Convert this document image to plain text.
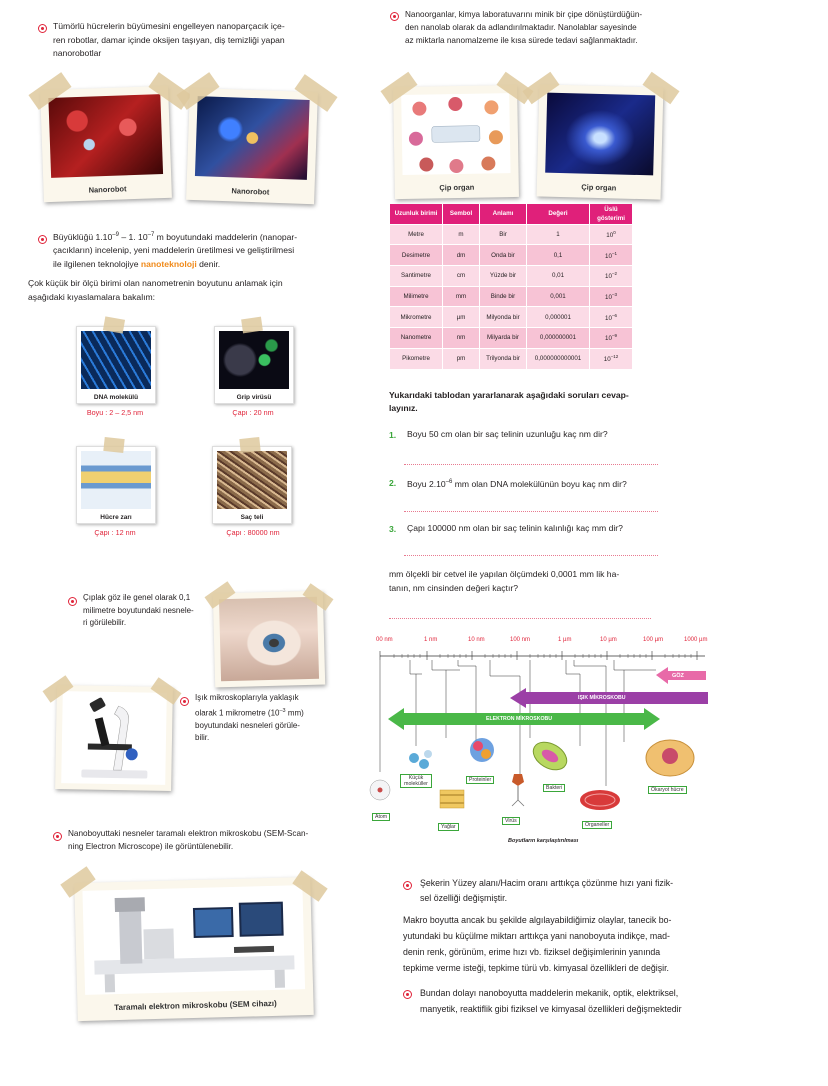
Tümörlü hücrelerin büyümesini engelleyen nanoparçacık içe-
ren robotlar, damar içinde oksijen taşıyan, diş temizliği yapan
nanorobotlar
Nanorobot	Nanorobot
Büyüklüğü $1.10^{-9} - 1$. $10^{-7}$ m boyutundaki maddelerin (nanopar-
çacıkların) incelenip, yeni maddelerin üretilmesi ve geliştirilmesi
ile ilgilenen teknolojiye nanoteknoloji denir.
Çok küçük bir ölçü birimi olan nanometrenin boyutunu anlamak için
aşağıdaki kıyaslamalara bakalım:
DNA molekülü
Boyu : 2 – 2,5 nm
Grip virüsü
Çapı : 20 nm
Hücre zarı
Çapı : 12 nm
Saç teli
Çapı : 80000 nm
Çıplak göz ile genel olarak 0,1
milimetre boyutundaki nesnele-
ri görülebilir.
Işık mikroskoplarıyla yaklaşık
olarak 1 mikrometre ($10^{-3}$ mm)
boyutundaki nesneleri görüle-
bilir.
Nanoboyuttaki nesneler taramalı elektron mikroskobu (SEM-Scan-
ning Electron Microscope) ile görüntülenebilir.
Taramalı elektron mikroskobu (SEM cihazı)
Nanoorganlar, kimya laboratuvarını minik bir çipe dönüştürdüğün-
den nanolab olarak da adlandırılmaktadır. Nanolablar sayesinde
az miktarla nanomalzeme ile kısa sürede tedavi sağlanmaktadır.
Çip organ	Çip organ
Uzunluk birimi	Sembol	Anlamı	Değeri	Üslü gösterimi
Metre	m	Bir	1	$10^0$
Desimetre	dm	Onda bir	0,1	$10^{-1}$
Santimetre	cm	Yüzde bir	0,01	$10^{-2}$
Milimetre	mm	Binde bir	0,001	$10^{-3}$
Mikrometre	µm	Milyonda bir	0,000001	$10^{-6}$
Nanometre	nm	Milyarda bir	0,000000001	$10^{-9}$
Pikometre	pm	Trilyonda bir	0,000000000001	$10^{-12}$
Yukarıdaki tablodan yararlanarak aşağıdaki soruları cevap-
layınız.
1. Boyu 50 cm olan bir saç telinin uzunluğu kaç nm dir?
2. Boyu $2.10^{-6}$ mm olan DNA molekülünün boyu kaç nm dir?
3. Çapı 100000 nm olan bir saç telinin kalınlığı kaç mm dir?
mm ölçekli bir cetvel ile yapılan ölçümdeki 0,0001 mm lik ha-
tanın, nm cinsinden değeri kaçtır?
00 nm	1 nm	10 nm	100 nm	1 µm	10 µm	100 µm	1000 µm
GÖZ
IŞIK MİKROSKOBU
ELEKTRON MİKROSKOBU
Atom
Küçük moleküller
Yağlar
Proteinler
Virüs
Bakteri
Organeller
Ökaryot hücre
Boyutların karşılaştırılması
Şekerin Yüzey alanı/Hacim oranı arttıkça çözünme hızı yani fizik-
sel özelliği değişmiştir.
Makro boyutta ancak bu şekilde algılayabildiğimiz olaylar, tanecik bo-
yutundaki bu küçülme miktarı arttıkça yani nanoboyuta indikçe, mad-
denin renk, görünüm, erime hızı vb. fiziksel değişimlerinin yanında
tepkime verme isteği, tepkime türü vb. kimyasal özellikleri de değişir.
Bundan dolayı nanoboyutta maddelerin mekanik, optik, elektriksel,
manyetik, reaktiflik gibi fiziksel ve kimyasal özellikleri değişmektedir
